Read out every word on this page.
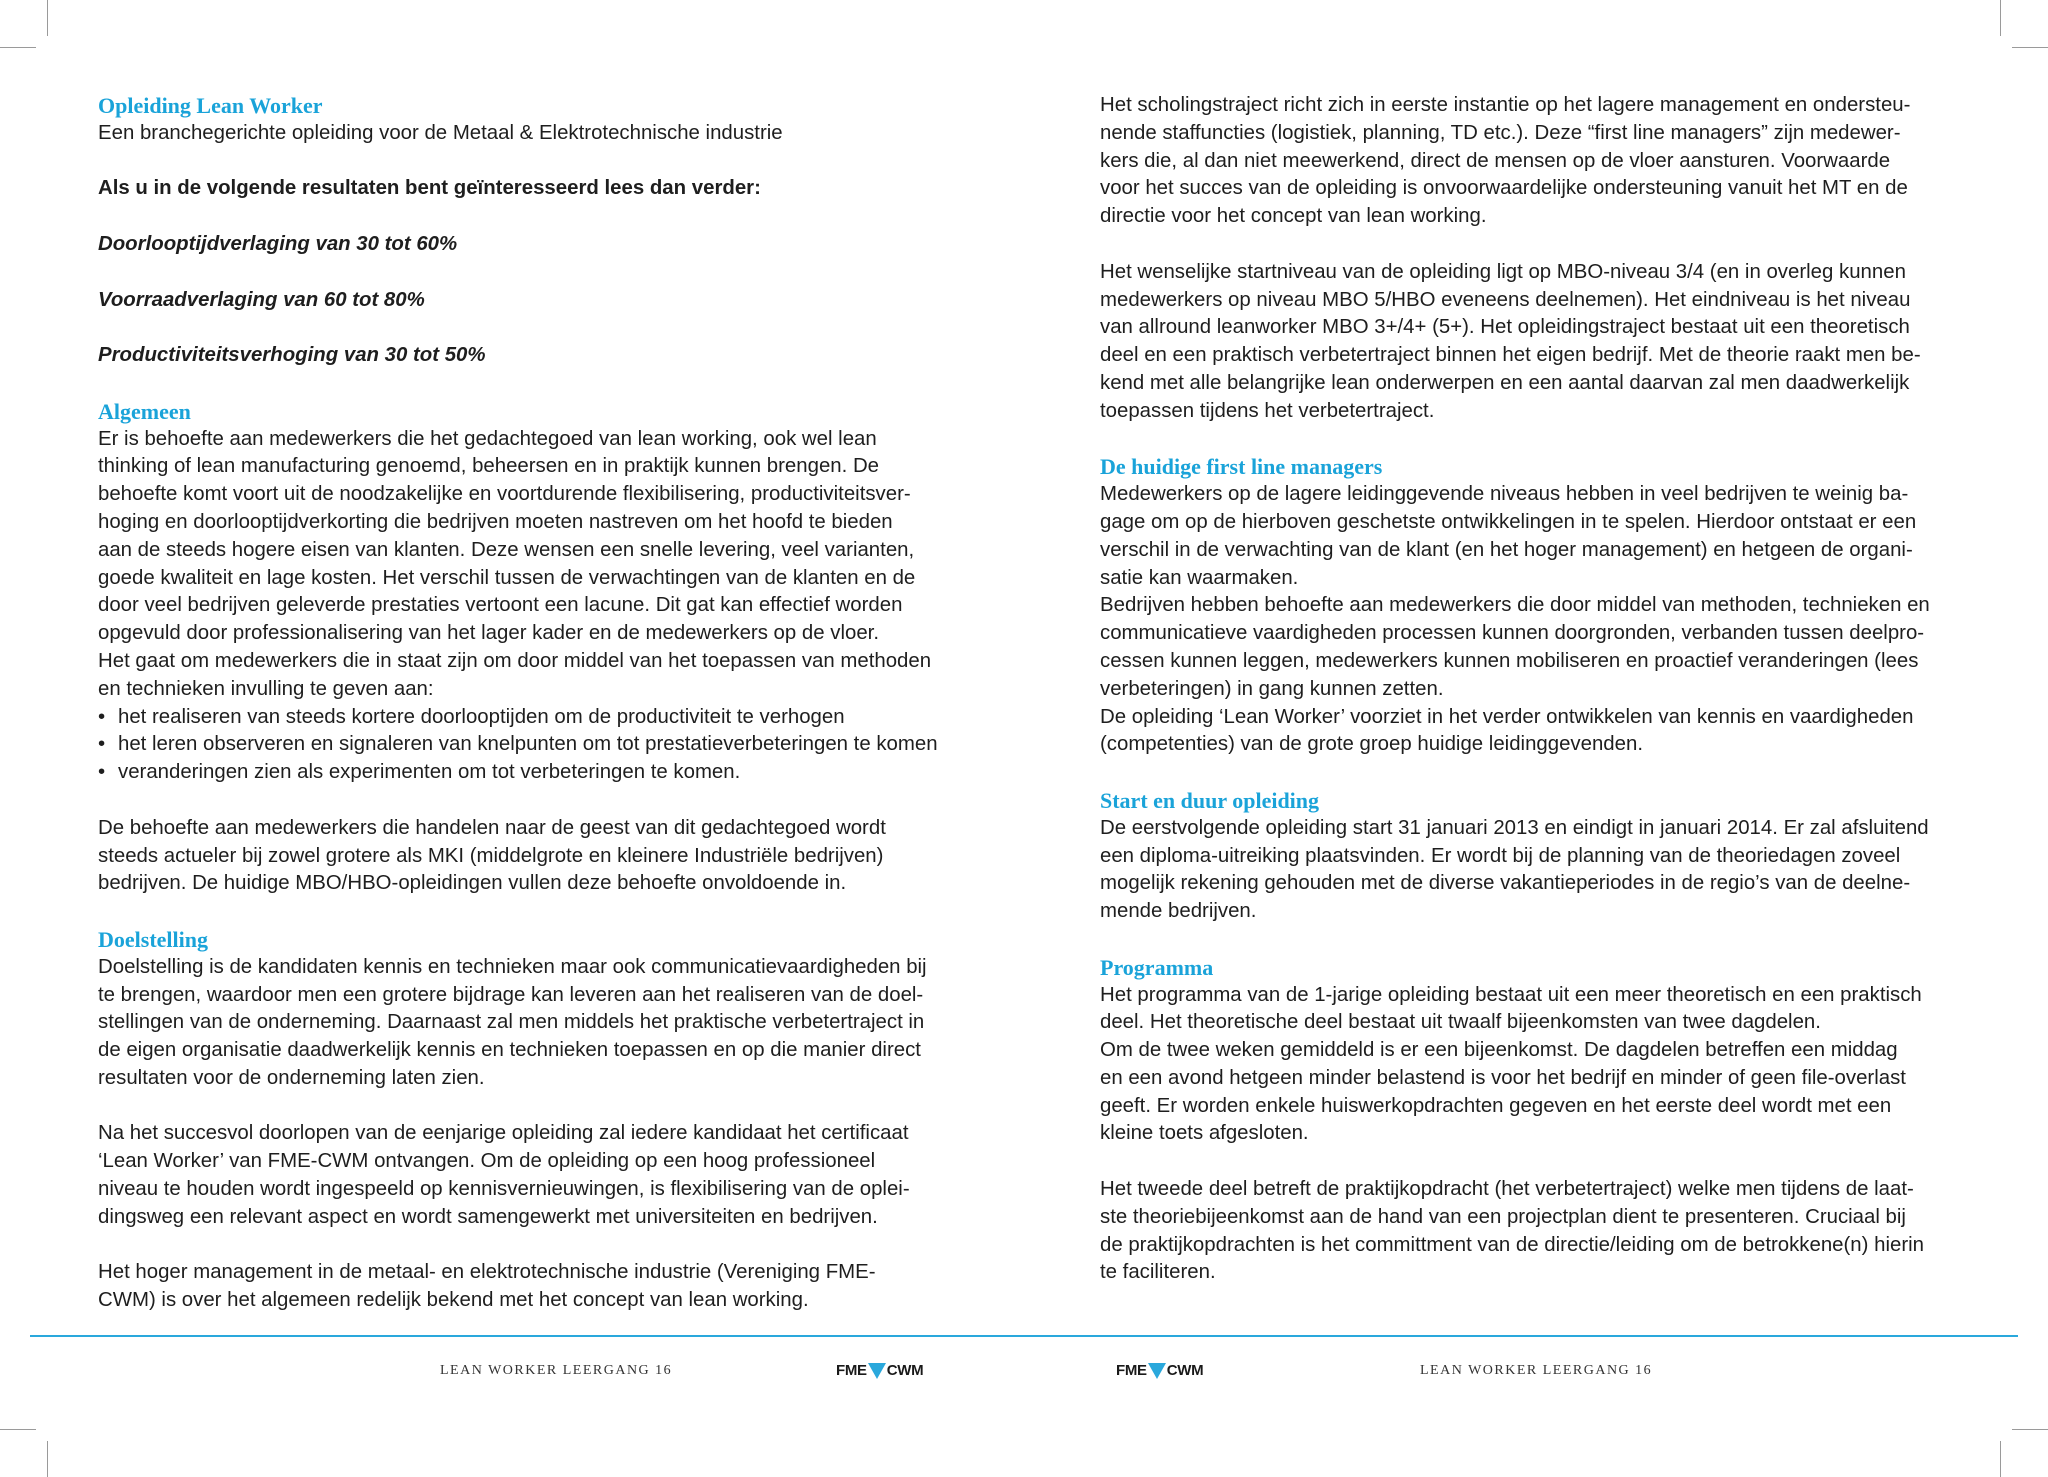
Opleiding Lean Worker
Een branchegerichte opleiding voor de Metaal & Elektrotechnische industrie
Als u in de volgende resultaten bent geïnteresseerd lees dan verder:
Doorlooptijdverlaging van 30 tot 60%
Voorraadverlaging van 60 tot 80%
Productiviteitsverhoging van 30 tot 50%
Algemeen
Er is behoefte aan medewerkers die het gedachtegoed van lean working, ook wel lean
thinking of lean manufacturing genoemd, beheersen en in praktijk kunnen brengen. De
behoefte komt voort uit de noodzakelijke en voortdurende flexibilisering, productiviteitsver-
hoging en doorlooptijdverkorting die bedrijven moeten nastreven om het hoofd te bieden
aan de steeds hogere eisen van klanten. Deze wensen een snelle levering, veel varianten,
goede kwaliteit en lage kosten. Het verschil tussen de verwachtingen van de klanten en de
door veel bedrijven geleverde prestaties vertoont een lacune. Dit gat kan effectief worden
opgevuld door professionalisering van het lager kader en de medewerkers op de vloer.
Het gaat om medewerkers die in staat zijn om door middel van het toepassen van methoden
en technieken invulling te geven aan:
• het realiseren van steeds kortere doorlooptijden om de productiviteit te verhogen
• het leren observeren en signaleren van knelpunten om tot prestatieverbeteringen te komen
• veranderingen zien als experimenten om tot verbeteringen te komen.
De behoefte aan medewerkers die handelen naar de geest van dit gedachtegoed wordt
steeds actueler bij zowel grotere als MKI (middelgrote en kleinere Industriële bedrijven)
bedrijven. De huidige MBO/HBO-opleidingen vullen deze behoefte onvoldoende in.
Doelstelling
Doelstelling is de kandidaten kennis en technieken maar ook communicatievaardigheden bij
te brengen, waardoor men een grotere bijdrage kan leveren aan het realiseren van de doel-
stellingen van de onderneming. Daarnaast zal men middels het praktische verbetertraject in
de eigen organisatie daadwerkelijk kennis en technieken toepassen en op die manier direct
resultaten voor de onderneming laten zien.
Na het succesvol doorlopen van de eenjarige opleiding zal iedere kandidaat het certificaat
‘Lean Worker’ van FME-CWM ontvangen. Om de opleiding op een hoog professioneel
niveau te houden wordt ingespeeld op kennisvernieuwingen, is flexibilisering van de oplei-
dingsweg een relevant aspect en wordt samengewerkt met universiteiten en bedrijven.
Het hoger management in de metaal- en elektrotechnische industrie (Vereniging FME-
CWM) is over het algemeen redelijk bekend met het concept van lean working.
Het scholingstraject richt zich in eerste instantie op het lagere management en ondersteu-
nende staffuncties (logistiek, planning, TD etc.). Deze “first line managers” zijn medewer-
kers die, al dan niet meewerkend, direct de mensen op de vloer aansturen. Voorwaarde
voor het succes van de opleiding is onvoorwaardelijke ondersteuning vanuit het MT en de
directie voor het concept van lean working.
Het wenselijke startniveau van de opleiding ligt op MBO-niveau 3/4 (en in overleg kunnen
medewerkers op niveau MBO 5/HBO eveneens deelnemen). Het eindniveau is het niveau
van allround leanworker MBO 3+/4+ (5+). Het opleidingstraject bestaat uit een theoretisch
deel en een praktisch verbetertraject binnen het eigen bedrijf. Met de theorie raakt men be-
kend met alle belangrijke lean onderwerpen en een aantal daarvan zal men daadwerkelijk
toepassen tijdens het verbetertraject.
De huidige first line managers
Medewerkers op de lagere leidinggevende niveaus hebben in veel bedrijven te weinig ba-
gage om op de hierboven geschetste ontwikkelingen in te spelen. Hierdoor ontstaat er een
verschil in de verwachting van de klant (en het hoger management) en hetgeen de organi-
satie kan waarmaken.
Bedrijven hebben behoefte aan medewerkers die door middel van methoden, technieken en
communicatieve vaardigheden processen kunnen doorgronden, verbanden tussen deelpro-
cessen kunnen leggen, medewerkers kunnen mobiliseren en proactief veranderingen (lees
verbeteringen) in gang kunnen zetten.
De opleiding ‘Lean Worker’ voorziet in het verder ontwikkelen van kennis en vaardigheden
(competenties) van de grote groep huidige leidinggevenden.
Start en duur opleiding
De eerstvolgende opleiding start 31 januari 2013 en eindigt in januari 2014. Er zal afsluitend
een diploma-uitreiking plaatsvinden. Er wordt bij de planning van de theoriedagen zoveel
mogelijk rekening gehouden met de diverse vakantieperiodes in de regio’s van de deelne-
mende bedrijven.
Programma
Het programma van de 1-jarige opleiding bestaat uit een meer theoretisch en een praktisch
deel. Het theoretische deel bestaat uit twaalf bijeenkomsten van twee dagdelen.
Om de twee weken gemiddeld is er een bijeenkomst. De dagdelen betreffen een middag
en een avond hetgeen minder belastend is voor het bedrijf en minder of geen file-overlast
geeft. Er worden enkele huiswerkopdrachten gegeven en het eerste deel wordt met een
kleine toets afgesloten.
Het tweede deel betreft de praktijkopdracht (het verbetertraject) welke men tijdens de laat-
ste theoriebijeenkomst aan de hand van een projectplan dient te presenteren. Cruciaal bij
de praktijkopdrachten is het committment van de directie/leiding om de betrokkene(n) hierin
te faciliteren.
LEAN WORKER LEERGANG 16	FME CWM	FME CWM	LEAN WORKER LEERGANG 16
